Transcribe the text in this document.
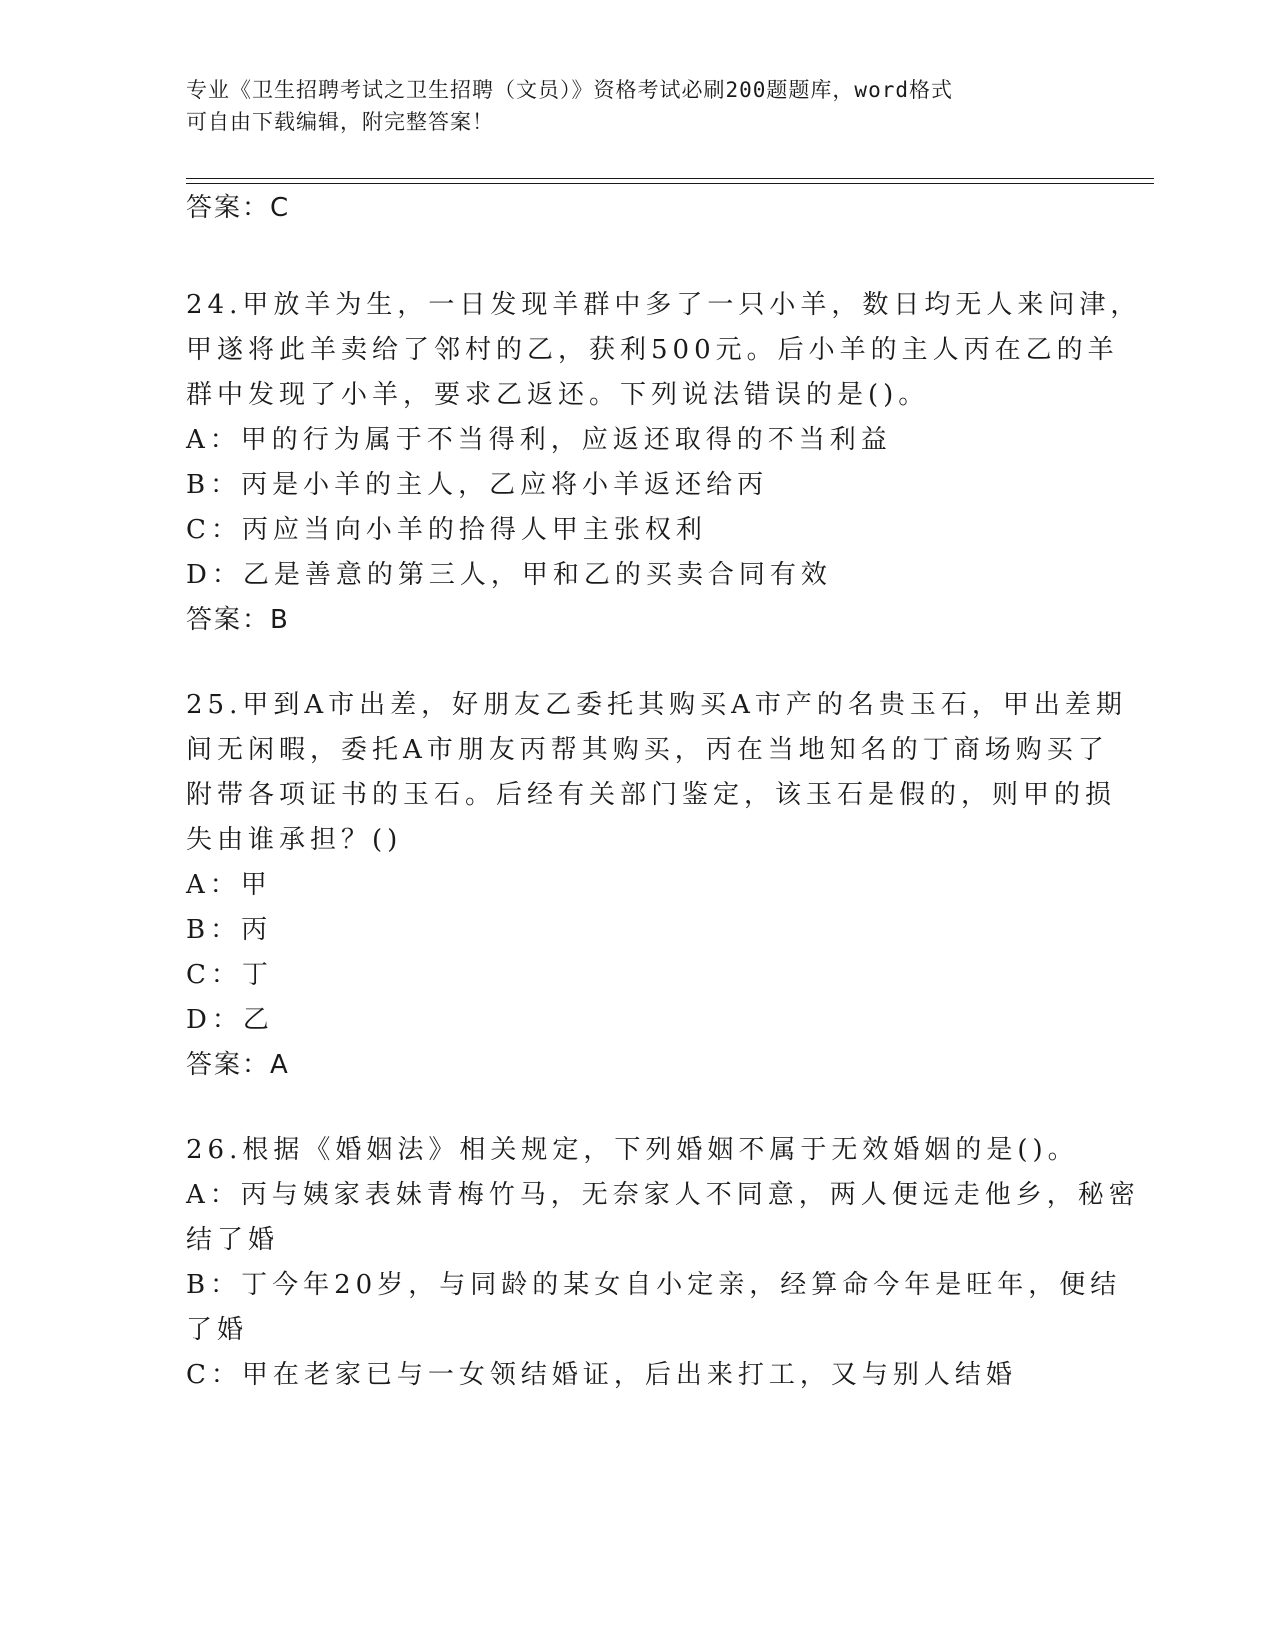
专业《卫生招聘考试之卫生招聘（文员）》资格考试必刷200题题库，word格式
可自由下载编辑，附完整答案！
答案：C
24.甲放羊为生，一日发现羊群中多了一只小羊，数日均无人来问津，
甲遂将此羊卖给了邻村的乙，获利500元。后小羊的主人丙在乙的羊
群中发现了小羊，要求乙返还。下列说法错误的是()。
A：甲的行为属于不当得利，应返还取得的不当利益
B：丙是小羊的主人，乙应将小羊返还给丙
C：丙应当向小羊的拾得人甲主张权利
D：乙是善意的第三人，甲和乙的买卖合同有效
答案：B
25.甲到A市出差，好朋友乙委托其购买A市产的名贵玉石，甲出差期
间无闲暇，委托A市朋友丙帮其购买，丙在当地知名的丁商场购买了
附带各项证书的玉石。后经有关部门鉴定，该玉石是假的，则甲的损
失由谁承担？()
A：甲
B：丙
C：丁
D：乙
答案：A
26.根据《婚姻法》相关规定，下列婚姻不属于无效婚姻的是()。
A：丙与姨家表妹青梅竹马，无奈家人不同意，两人便远走他乡，秘密
结了婚
B：丁今年20岁，与同龄的某女自小定亲，经算命今年是旺年，便结
了婚
C：甲在老家已与一女领结婚证，后出来打工，又与别人结婚
